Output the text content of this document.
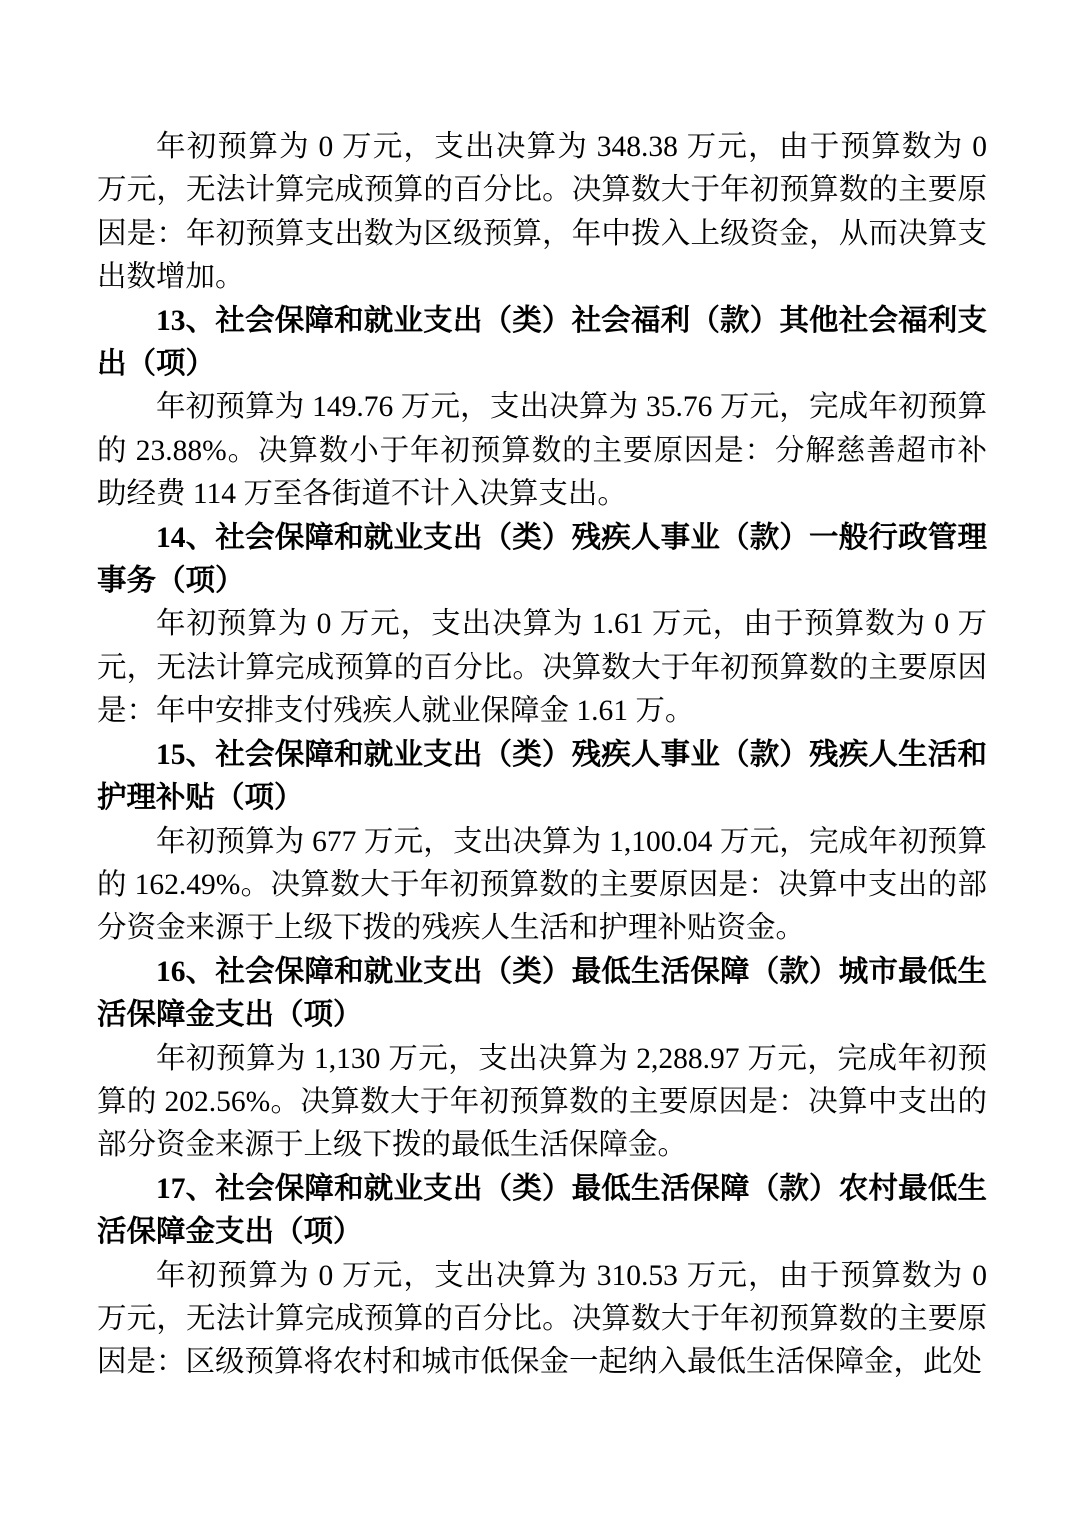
年初预算为 0 万元，支出决算为 348.38 万元，由于预算数为 0 万元，无法计算完成预算的百分比。决算数大于年初预算数的主要原因是：年初预算支出数为区级预算，年中拨入上级资金，从而决算支出数增加。

13、社会保障和就业支出（类）社会福利（款）其他社会福利支出（项）

年初预算为 149.76 万元，支出决算为 35.76 万元，完成年初预算的 23.88%。决算数小于年初预算数的主要原因是：分解慈善超市补助经费 114 万至各街道不计入决算支出。

14、社会保障和就业支出（类）残疾人事业（款）一般行政管理事务（项）

年初预算为 0 万元，支出决算为 1.61 万元，由于预算数为 0 万元，无法计算完成预算的百分比。决算数大于年初预算数的主要原因是：年中安排支付残疾人就业保障金 1.61 万。

15、社会保障和就业支出（类）残疾人事业（款）残疾人生活和护理补贴（项）

年初预算为 677 万元，支出决算为 1,100.04 万元，完成年初预算的 162.49%。决算数大于年初预算数的主要原因是：决算中支出的部分资金来源于上级下拨的残疾人生活和护理补贴资金。

16、社会保障和就业支出（类）最低生活保障（款）城市最低生活保障金支出（项）

年初预算为 1,130 万元，支出决算为 2,288.97 万元，完成年初预算的 202.56%。决算数大于年初预算数的主要原因是：决算中支出的部分资金来源于上级下拨的最低生活保障金。

17、社会保障和就业支出（类）最低生活保障（款）农村最低生活保障金支出（项）

年初预算为 0 万元，支出决算为 310.53 万元，由于预算数为 0 万元，无法计算完成预算的百分比。决算数大于年初预算数的主要原因是：区级预算将农村和城市低保金一起纳入最低生活保障金，此处
